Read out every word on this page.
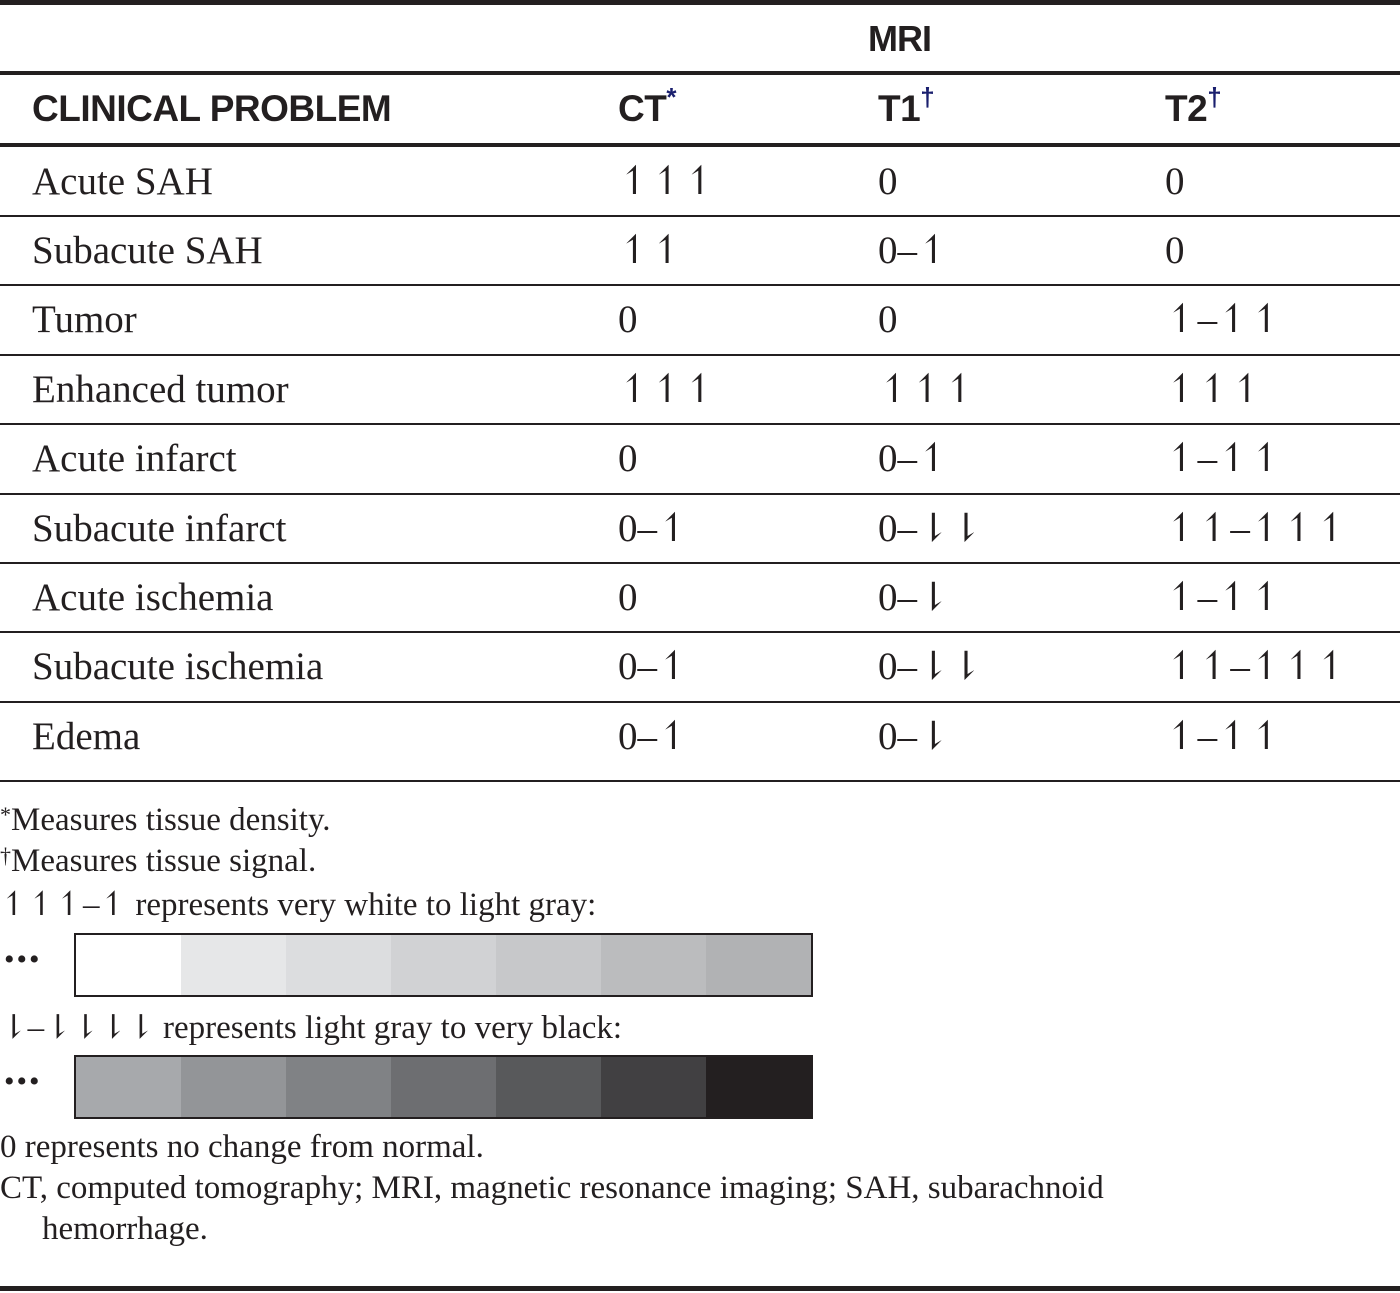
MRI
CLINICAL PROBLEM	CT*	T1†	T2†
Acute SAH	↿↿↿	0	0
Subacute SAH	↿↿	0–↿	0
Tumor	0	0	↿–↿↿
Enhanced tumor	↿↿↿	↿↿↿	↿↿↿
Acute infarct	0	0–↿	↿–↿↿
Subacute infarct	0–↿	0–⇂⇂	↿↿–↿↿↿
Acute ischemia	0	0–⇂	↿–↿↿
Subacute ischemia	0–↿	0–⇂⇂	↿↿–↿↿↿
Edema	0–↿	0–⇂	↿–↿↿
*Measures tissue density.
†Measures tissue signal.
↿↿↿–↿ represents very white to light gray:
•••
⇂–⇂⇂⇂⇂ represents light gray to very black:
•••
0 represents no change from normal.
CT, computed tomography; MRI, magnetic resonance imaging; SAH, subarachnoid
hemorrhage.
